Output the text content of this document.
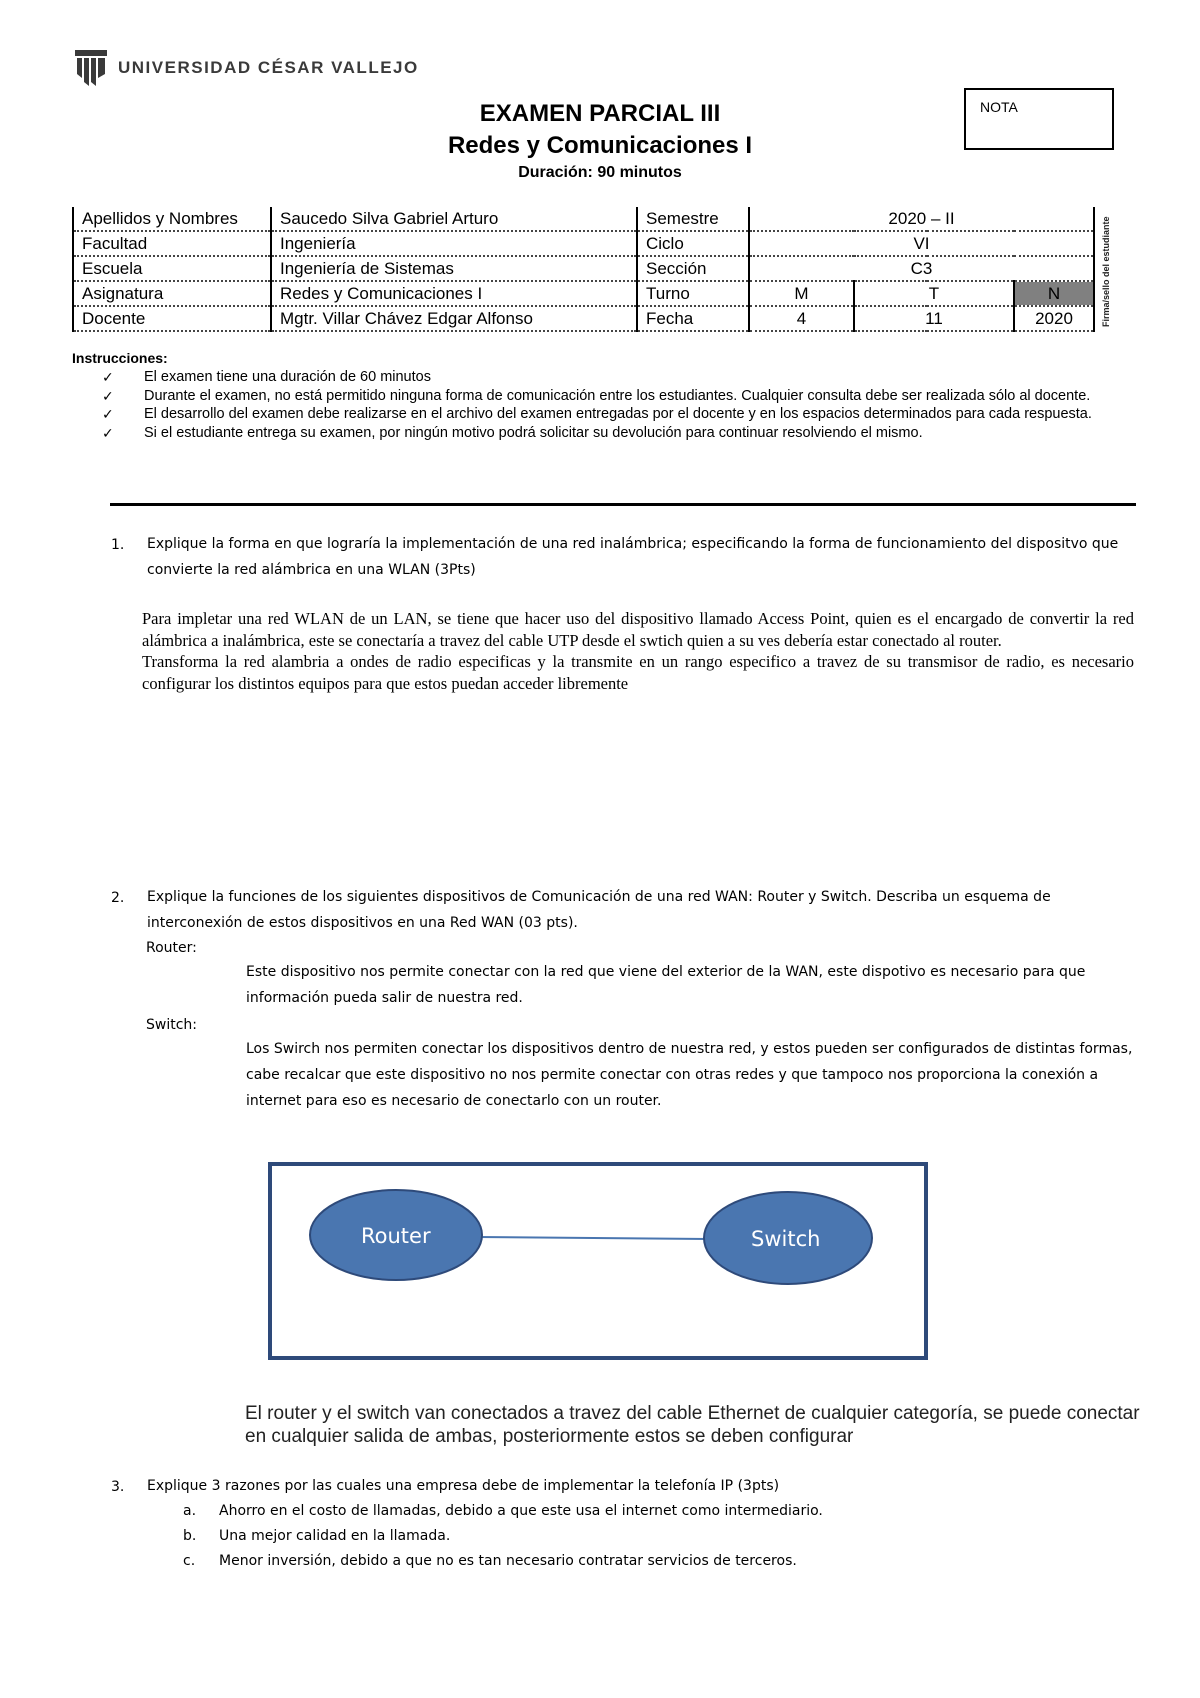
UNIVERSIDAD CÉSAR VALLEJO
NOTA
EXAMEN PARCIAL III
Redes y Comunicaciones I
Duración: 90 minutos
Apellidos y Nombres	Saucedo Silva Gabriel Arturo	Semestre	2020 – II			
Facultad	Ingeniería	Ciclo	VI			
Escuela	Ingeniería de Sistemas	Sección	C3			
Asignatura	Redes y Comunicaciones I	Turno	M	T	N	
Docente	Mgtr. Villar Chávez Edgar Alfonso	Fecha	4	11	2020		Firma/sello del estudiante
Instrucciones:
✓ El examen tiene una duración de 60 minutos
✓ Durante el examen, no está permitido ninguna forma de comunicación entre los estudiantes. Cualquier consulta debe ser realizada sólo al docente.
✓ El desarrollo del examen debe realizarse en el archivo del examen entregadas por el docente y en los espacios determinados para cada respuesta.
✓ Si el estudiante entrega su examen, por ningún motivo podrá solicitar su devolución para continuar resolviendo el mismo.
1. Explique la forma en que lograría la implementación de una red inalámbrica; especificando la forma de funcionamiento del dispositvo que convierte la red alámbrica en una WLAN (3Pts)
Para impletar una red WLAN de un LAN, se tiene que hacer uso del dispositivo llamado Access Point, quien es el encargado de convertir la red alámbrica a inalámbrica, este se conectaría a travez del cable UTP desde el swtich quien a su ves debería estar conectado al router.
Transforma la red alambria a ondes de radio especificas y la transmite en un rango especifico a travez de su transmisor de radio, es necesario configurar los distintos equipos para que estos puedan acceder libremente
2. Explique la funciones de los siguientes dispositivos de Comunicación de una red WAN: Router y Switch. Describa un esquema de interconexión de estos dispositivos en una Red WAN (03 pts).
Router:
Este dispositivo nos permite conectar con la red que viene del exterior de la WAN, este dispotivo es necesario para que información pueda salir de nuestra red.
Switch:
Los Swirch nos permiten conectar los dispositivos dentro de nuestra red, y estos pueden ser configurados de distintas formas, cabe recalcar que este dispositivo no nos permite conectar con otras redes y que tampoco nos proporciona la conexión a internet para eso es necesario de conectarlo con un router.
Router	Switch
El router y el switch van conectados a travez del cable Ethernet de cualquier categoría, se puede conectar en cualquier salida de ambas, posteriormente estos se deben configurar
3. Explique 3 razones por las cuales una empresa debe de implementar la telefonía IP (3pts)
a. Ahorro en el costo de llamadas, debido a que este usa el internet como intermediario.
b. Una mejor calidad en la llamada.
c. Menor inversión, debido a que no es tan necesario contratar servicios de terceros.
